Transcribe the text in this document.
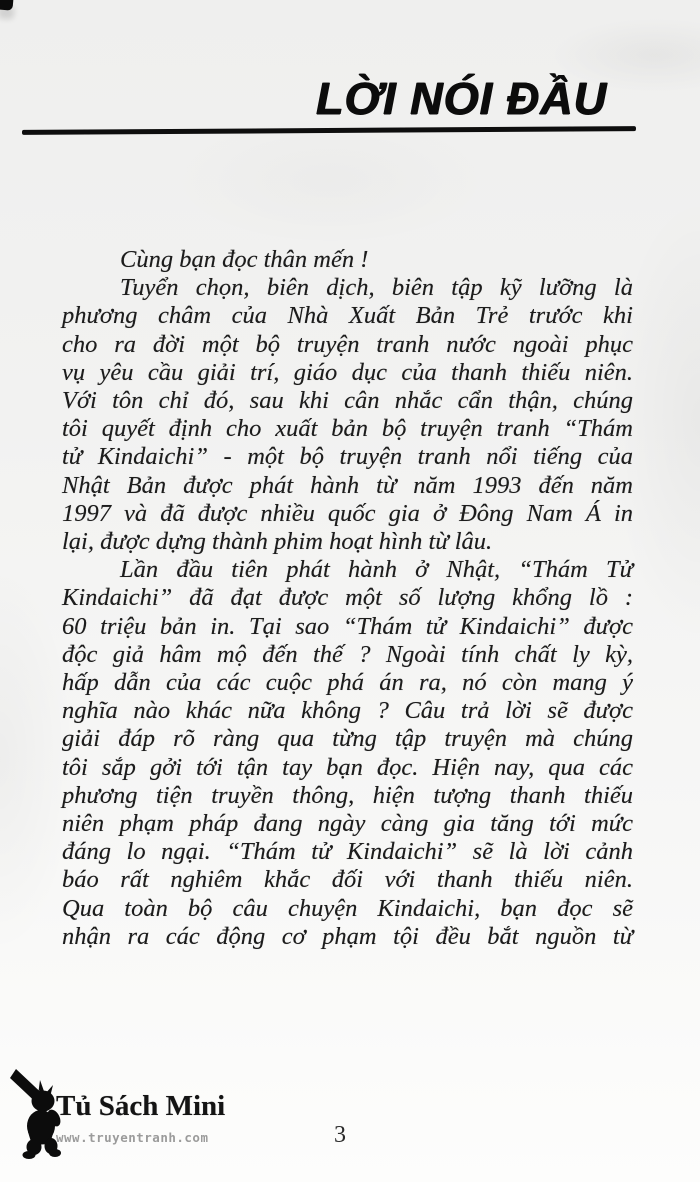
LỜI NÓI ĐẦU
Cùng bạn đọc thân mến !
Tuyển chọn, biên dịch, biên tập kỹ lưỡng là
phương châm của Nhà Xuất Bản Trẻ trước khi
cho ra đời một bộ truyện tranh nước ngoài phục
vụ yêu cầu giải trí, giáo dục của thanh thiếu niên.
Với tôn chỉ đó, sau khi cân nhắc cẩn thận, chúng
tôi quyết định cho xuất bản bộ truyện tranh “Thám
tử Kindaichi” - một bộ truyện tranh nổi tiếng của
Nhật Bản được phát hành từ năm 1993 đến năm
1997 và đã được nhiều quốc gia ở Đông Nam Á in
lại, được dựng thành phim hoạt hình từ lâu.
Lần đầu tiên phát hành ở Nhật, “Thám Tử
Kindaichi” đã đạt được một số lượng khổng lồ :
60 triệu bản in. Tại sao “Thám tử Kindaichi” được
độc giả hâm mộ đến thế ? Ngoài tính chất ly kỳ,
hấp dẫn của các cuộc phá án ra, nó còn mang ý
nghĩa nào khác nữa không ? Câu trả lời sẽ được
giải đáp rõ ràng qua từng tập truyện mà chúng
tôi sắp gởi tới tận tay bạn đọc. Hiện nay, qua các
phương tiện truyền thông, hiện tượng thanh thiếu
niên phạm pháp đang ngày càng gia tăng tới mức
đáng lo ngại. “Thám tử Kindaichi” sẽ là lời cảnh
báo rất nghiêm khắc đối với thanh thiếu niên.
Qua toàn bộ câu chuyện Kindaichi, bạn đọc sẽ
nhận ra các động cơ phạm tội đều bắt nguồn từ
Tủ Sách Mini
www.truyentranh.com	3
